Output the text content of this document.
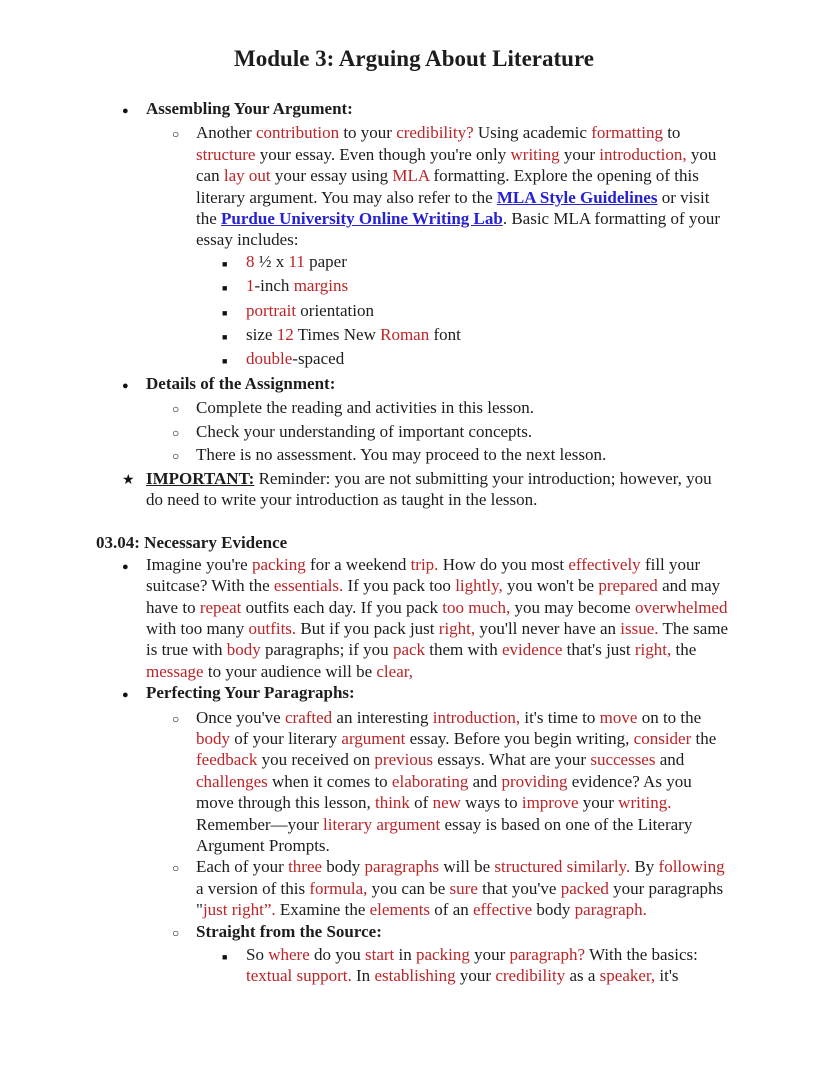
Module 3: Arguing About Literature
●	Assembling Your Argument:
○ Another contribution to your credibility? Using academic formatting to structure your essay. Even though you're only writing your introduction, you can lay out your essay using MLA formatting. Explore the opening of this literary argument. You may also refer to the MLA Style Guidelines or visit the Purdue University Online Writing Lab. Basic MLA formatting of your essay includes:
■	8 ½ x 11 paper
■	1-inch margins
■	portrait orientation
■	size 12 Times New Roman font
■	double-spaced
●	Details of the Assignment:
○ Complete the reading and activities in this lesson.
○ Check your understanding of important concepts.
○ There is no assessment. You may proceed to the next lesson.
★ IMPORTANT: Reminder: you are not submitting your introduction; however, you do need to write your introduction as taught in the lesson.
03.04: Necessary Evidence
●	Imagine you're packing for a weekend trip. How do you most effectively fill your suitcase? With the essentials. If you pack too lightly, you won't be prepared and may have to repeat outfits each day. If you pack too much, you may become overwhelmed with too many outfits. But if you pack just right, you'll never have an issue. The same is true with body paragraphs; if you pack them with evidence that's just right, the message to your audience will be clear,
●	Perfecting Your Paragraphs:
○ Once you've crafted an interesting introduction, it's time to move on to the body of your literary argument essay. Before you begin writing, consider the feedback you received on previous essays. What are your successes and challenges when it comes to elaborating and providing evidence? As you move through this lesson, think of new ways to improve your writing. Remember—your literary argument essay is based on one of the Literary Argument Prompts.
○ Each of your three body paragraphs will be structured similarly. By following a version of this formula, you can be sure that you've packed your paragraphs "just right”. Examine the elements of an effective body paragraph.
○ Straight from the Source:
■	So where do you start in packing your paragraph? With the basics: textual support. In establishing your credibility as a speaker, it's
